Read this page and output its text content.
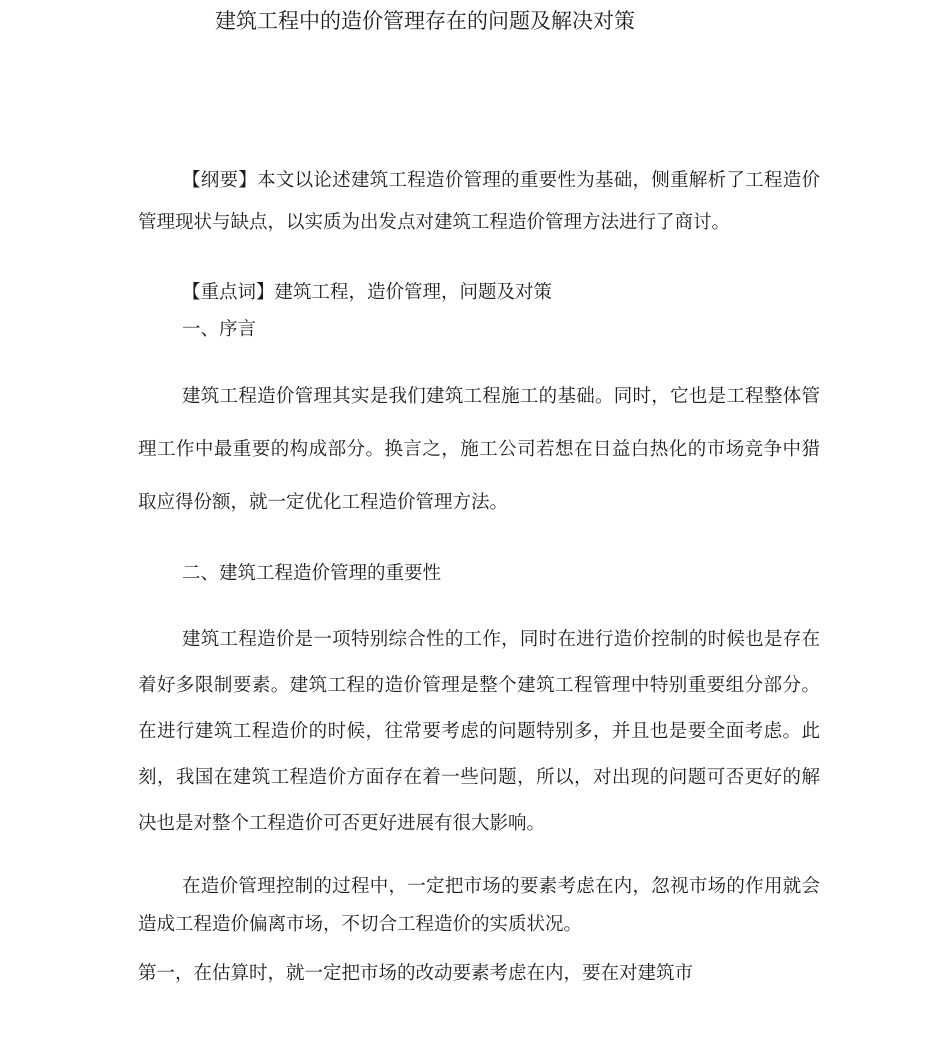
建筑工程中的造价管理存在的问题及解决对策

【纲要】本文以论述建筑工程造价管理的重要性为基础，侧重解析了工程造价管理现状与缺点，以实质为出发点对建筑工程造价管理方法进行了商讨。

【重点词】建筑工程，造价管理，问题及对策

一、序言

建筑工程造价管理其实是我们建筑工程施工的基础。同时，它也是工程整体管理工作中最重要的构成部分。换言之，施工公司若想在日益白热化的市场竞争中猎取应得份额，就一定优化工程造价管理方法。

二、建筑工程造价管理的重要性

建筑工程造价是一项特别综合性的工作，同时在进行造价控制的时候也是存在着好多限制要素。建筑工程的造价管理是整个建筑工程管理中特别重要组分部分。在进行建筑工程造价的时候，往常要考虑的问题特别多，并且也是要全面考虑。此刻，我国在建筑工程造价方面存在着一些问题，所以，对出现的问题可否更好的解决也是对整个工程造价可否更好进展有很大影响。

在造价管理控制的过程中，一定把市场的要素考虑在内，忽视市场的作用就会造成工程造价偏离市场，不切合工程造价的实质状况。

第一，在估算时，就一定把市场的改动要素考虑在内，要在对建筑市
